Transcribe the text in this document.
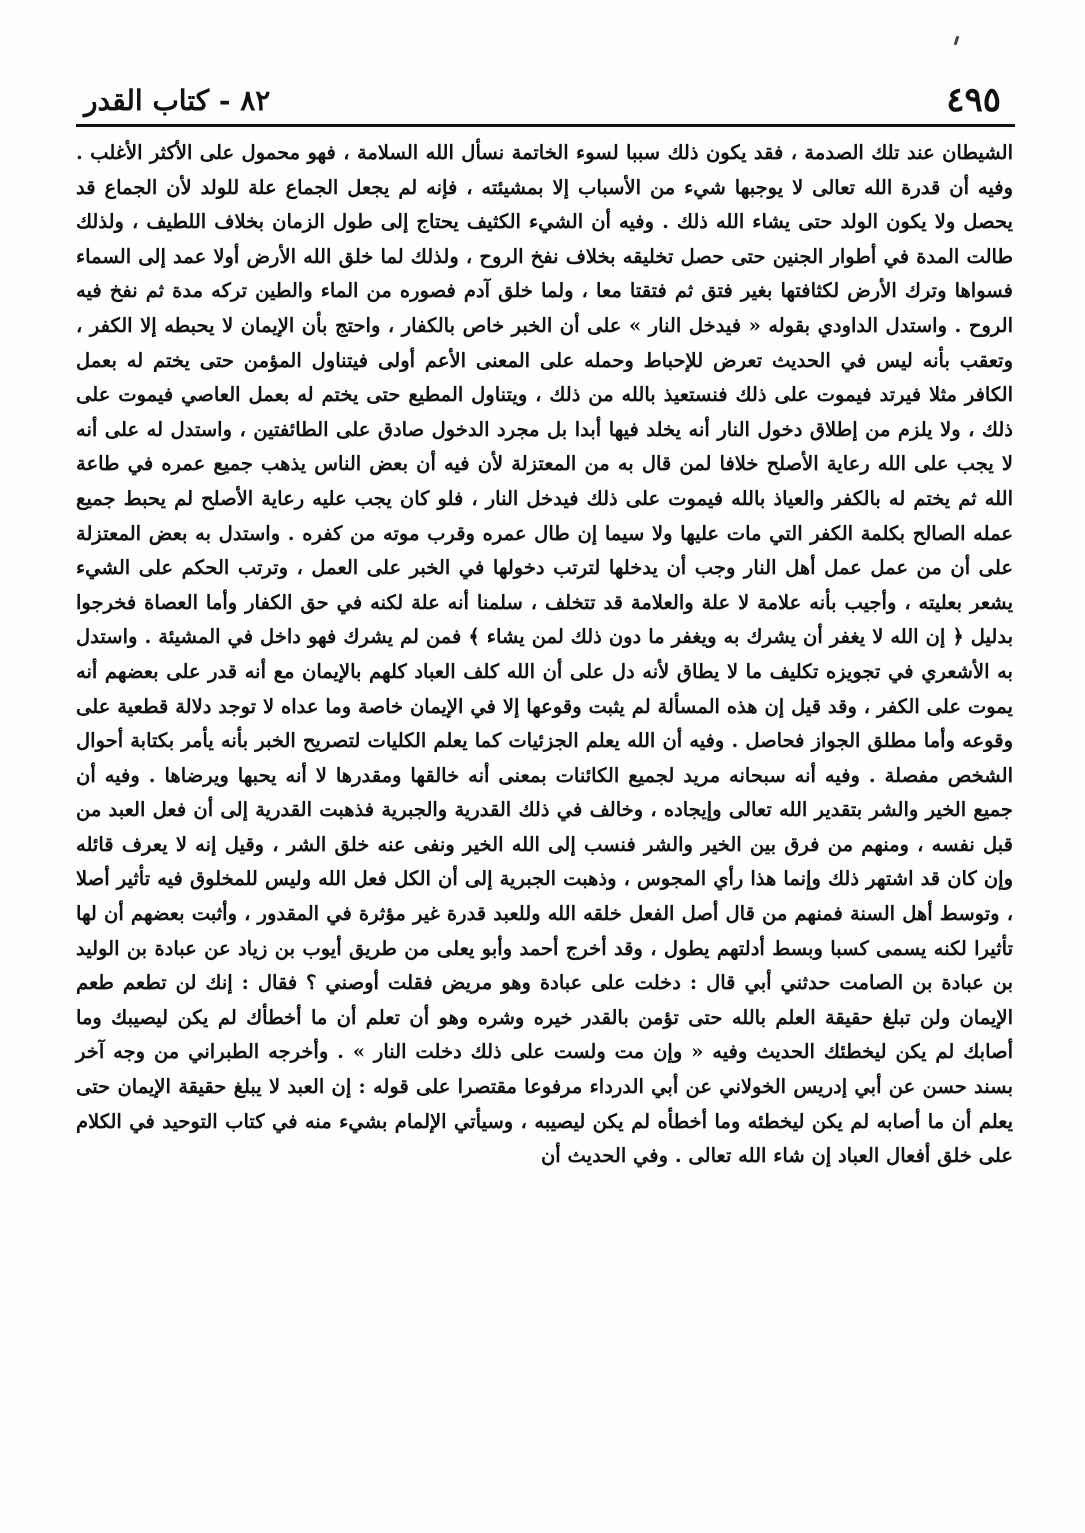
٤٩٥
٨٢ - كتاب القدر

الشيطان عند تلك الصدمة ، فقد يكون ذلك سببا لسوء الخاتمة نسأل الله السلامة ، فهو محمول على الأكثر الأغلب . وفيه أن قدرة الله تعالى لا يوجبها شيء من الأسباب إلا بمشيئته ، فإنه لم يجعل الجماع علة للولد لأن الجماع قد يحصل ولا يكون الولد حتى يشاء الله ذلك . وفيه أن الشيء الكثيف يحتاج إلى طول الزمان بخلاف اللطيف ، ولذلك طالت المدة في أطوار الجنين حتى حصل تخليقه بخلاف نفخ الروح ، ولذلك لما خلق الله الأرض أولا عمد إلى السماء فسواها وترك الأرض لكثافتها بغير فتق ثم فتقتا معا ، ولما خلق آدم فصوره من الماء والطين تركه مدة ثم نفخ فيه الروح . واستدل الداودي بقوله « فيدخل النار » على أن الخبر خاص بالكفار ، واحتج بأن الإيمان لا يحبطه إلا الكفر ، وتعقب بأنه ليس في الحديث تعرض للإحباط وحمله على المعنى الأعم أولى فيتناول المؤمن حتى يختم له بعمل الكافر مثلا فيرتد فيموت على ذلك فنستعيذ بالله من ذلك ، ويتناول المطيع حتى يختم له بعمل العاصي فيموت على ذلك ، ولا يلزم من إطلاق دخول النار أنه يخلد فيها أبدا بل مجرد الدخول صادق على الطائفتين ، واستدل له على أنه لا يجب على الله رعاية الأصلح خلافا لمن قال به من المعتزلة لأن فيه أن بعض الناس يذهب جميع عمره في طاعة الله ثم يختم له بالكفر والعياذ بالله فيموت على ذلك فيدخل النار ، فلو كان يجب عليه رعاية الأصلح لم يحبط جميع عمله الصالح بكلمة الكفر التي مات عليها ولا سيما إن طال عمره وقرب موته من كفره . واستدل به بعض المعتزلة على أن من عمل عمل أهل النار وجب أن يدخلها لترتب دخولها في الخبر على العمل ، وترتب الحكم على الشيء يشعر بعليته ، وأجيب بأنه علامة لا علة والعلامة قد تتخلف ، سلمنا أنه علة لكنه في حق الكفار وأما العصاة فخرجوا بدليل ﴿ إن الله لا يغفر أن يشرك به ويغفر ما دون ذلك لمن يشاء ﴾ فمن لم يشرك فهو داخل في المشيئة . واستدل به الأشعري في تجويزه تكليف ما لا يطاق لأنه دل على أن الله كلف العباد كلهم بالإيمان مع أنه قدر على بعضهم أنه يموت على الكفر ، وقد قيل إن هذه المسألة لم يثبت وقوعها إلا في الإيمان خاصة وما عداه لا توجد دلالة قطعية على وقوعه وأما مطلق الجواز فحاصل . وفيه أن الله يعلم الجزئيات كما يعلم الكليات لتصريح الخبر بأنه يأمر بكتابة أحوال الشخص مفصلة . وفيه أنه سبحانه مريد لجميع الكائنات بمعنى أنه خالقها ومقدرها لا أنه يحبها ويرضاها . وفيه أن جميع الخير والشر بتقدير الله تعالى وإيجاده ، وخالف في ذلك القدرية والجبرية فذهبت القدرية إلى أن فعل العبد من قبل نفسه ، ومنهم من فرق بين الخير والشر فنسب إلى الله الخير ونفى عنه خلق الشر ، وقيل إنه لا يعرف قائله وإن كان قد اشتهر ذلك وإنما هذا رأي المجوس ، وذهبت الجبرية إلى أن الكل فعل الله وليس للمخلوق فيه تأثير أصلا ، وتوسط أهل السنة فمنهم من قال أصل الفعل خلقه الله وللعبد قدرة غير مؤثرة في المقدور ، وأثبت بعضهم أن لها تأثيرا لكنه يسمى كسبا وبسط أدلتهم يطول ، وقد أخرج أحمد وأبو يعلى من طريق أيوب بن زياد عن عبادة بن الوليد بن عبادة بن الصامت حدثني أبي قال : دخلت على عبادة وهو مريض فقلت أوصني ؟ فقال : إنك لن تطعم طعم الإيمان ولن تبلغ حقيقة العلم بالله حتى تؤمن بالقدر خيره وشره وهو أن تعلم أن ما أخطأك لم يكن ليصيبك وما أصابك لم يكن ليخطئك الحديث وفيه « وإن مت ولست على ذلك دخلت النار » . وأخرجه الطبراني من وجه آخر بسند حسن عن أبي إدريس الخولاني عن أبي الدرداء مرفوعا مقتصرا على قوله : إن العبد لا يبلغ حقيقة الإيمان حتى يعلم أن ما أصابه لم يكن ليخطئه وما أخطأه لم يكن ليصيبه ، وسيأتي الإلمام بشيء منه في كتاب التوحيد في الكلام على خلق أفعال العباد إن شاء الله تعالى . وفي الحديث أن
